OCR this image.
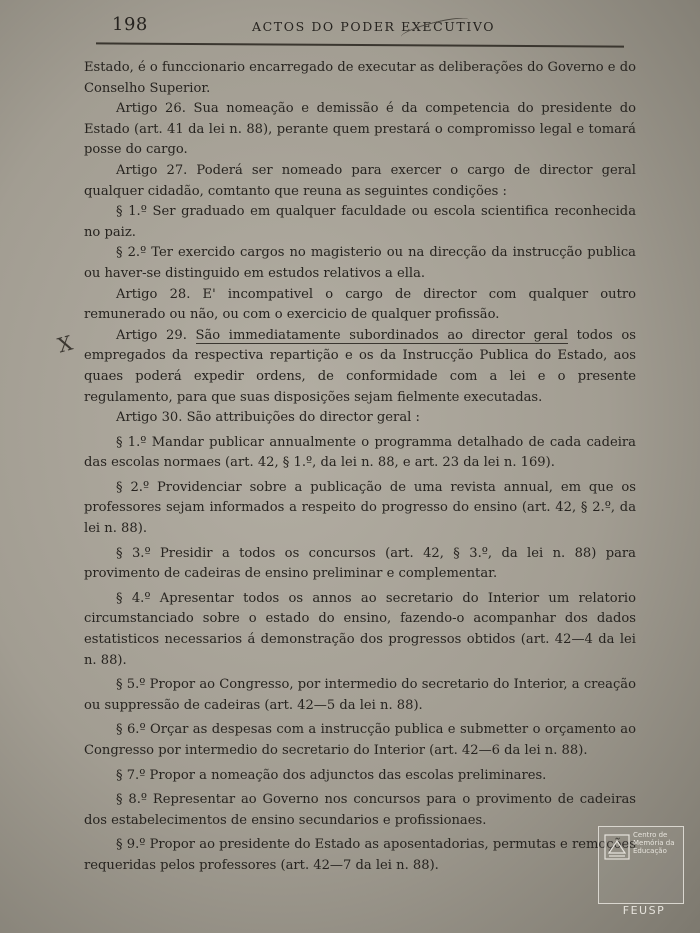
198	ACTOS DO PODER EXECUTIVO
X

Estado, é o funccionario encarregado de executar as deliberações do Governo e do Conselho Superior.

Artigo 26. Sua nomeação e demissão é da competencia do presidente do Estado (art. 41 da lei n. 88), perante quem prestará o compromisso legal e tomará posse do cargo.

Artigo 27. Poderá ser nomeado para exercer o cargo de director geral qualquer cidadão, comtanto que reuna as seguintes condições :

§ 1.º Ser graduado em qualquer faculdade ou escola scientifica reconhecida no paiz.

§ 2.º Ter exercido cargos no magisterio ou na direcção da instrucção publica ou haver-se distinguido em estudos relativos a ella.

Artigo 28. E' incompativel o cargo de director com qualquer outro remunerado ou não, ou com o exercicio de qualquer profissão.

Artigo 29. São immediatamente subordinados ao director geral todos os empregados da respectiva repartição e os da Instrucção Publica do Estado, aos quaes poderá expedir ordens, de conformidade com a lei e o presente regulamento, para que suas disposições sejam fielmente executadas.

Artigo 30. São attribuições do director geral :

§ 1.º Mandar publicar annualmente o programma detalhado de cada cadeira das escolas normaes (art. 42, § 1.º, da lei n. 88, e art. 23 da lei n. 169).

§ 2.º Providenciar sobre a publicação de uma revista annual, em que os professores sejam informados a respeito do progresso do ensino (art. 42, § 2.º, da lei n. 88).

§ 3.º Presidir a todos os concursos (art. 42, § 3.º, da lei n. 88) para provimento de cadeiras de ensino preliminar e complementar.

§ 4.º Apresentar todos os annos ao secretario do Interior um relatorio circumstanciado sobre o estado do ensino, fazendo-o acompanhar dos dados estatisticos necessarios á demonstração dos progressos obtidos (art. 42—4 da lei n. 88).

§ 5.º Propor ao Congresso, por intermedio do secretario do Interior, a creação ou suppressão de cadeiras (art. 42—5 da lei n. 88).

§ 6.º Orçar as despesas com a instrucção publica e submetter o orçamento ao Congresso por intermedio do secretario do Interior (art. 42—6 da lei n. 88).

§ 7.º Propor a nomeação dos adjunctos das escolas preliminares.

§ 8.º Representar ao Governo nos concursos para o provimento de cadeiras dos estabelecimentos de ensino secundarios e profissionaes.

§ 9.º Propor ao presidente do Estado as aposentadorias, permutas e remoções requeridas pelos professores (art. 42—7 da lei n. 88).

Centro de
Memória da
Educação
FEUSP
